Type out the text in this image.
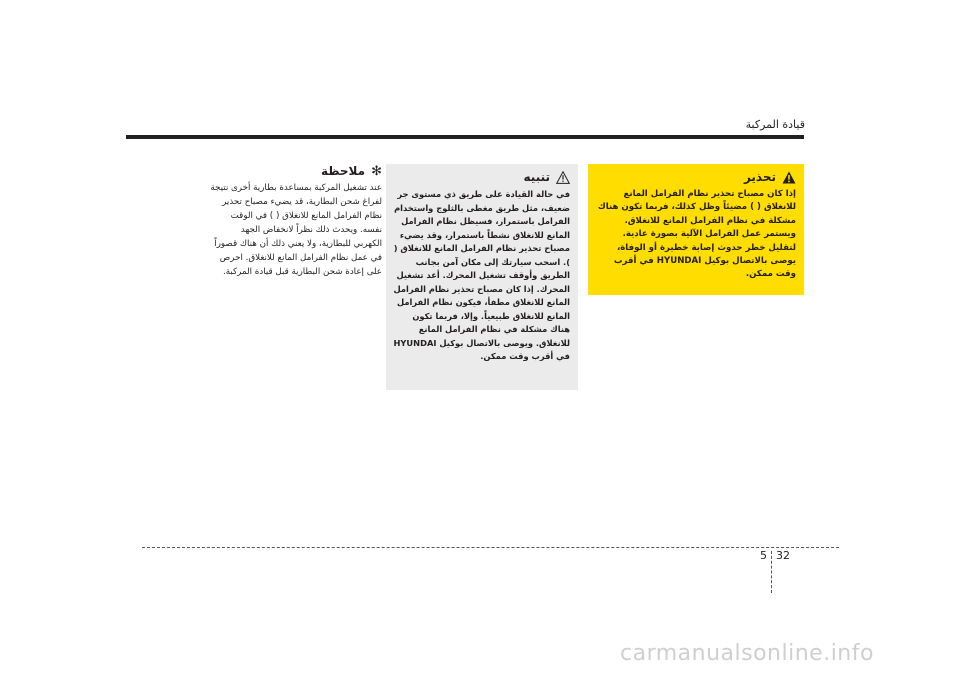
قيادة المركبة
تحذير

إذا كان مصباح تحذير نظام الفرامل المانع للانغلاق ( ) مضيئاً وظل كذلك، فربما تكون هناك مشكلة في نظام الفرامل المانع للانغلاق. ويستمر عمل الفرامل الآلية بصورة عادية. لتقليل خطر حدوث إصابة خطيرة أو الوفاة، يوصى بالاتصال بوكيل HYUNDAI في أقرب وقت ممكن.

تنبيه

في حالة القيادة على طريق ذي مستوى جر ضعيف، مثل طريق مغطى بالثلوج واستخدام الفرامل باستمرار، فسيظل نظام الفرامل المانع للانغلاق نشطاً باستمرار، وقد يضيء مصباح تحذير نظام الفرامل المانع للانغلاق ( ). اسحب سيارتك إلى مكان آمن بجانب الطريق وأوقف تشغيل المحرك. أعد تشغيل المحرك. إذا كان مصباح تحذير نظام الفرامل المانع للانغلاق مطفأ، فيكون نظام الفرامل المانع للانغلاق طبيعياً. وإلا، فربما تكون هناك مشكلة في نظام الفرامل المانع للانغلاق. ويوصى بالاتصال بوكيل HYUNDAI في أقرب وقت ممكن.

✻
ملاحظة

عند تشغيل المركبة بمساعدة بطارية أخرى نتيجة لفراغ شحن البطارية، قد يضيء مصباح تحذير نظام الفرامل المانع للانغلاق ( ) في الوقت نفسه. ويحدث ذلك نظراً لانخفاض الجهد الكهربي للبطارية، ولا يعني ذلك أن هناك قصوراً في عمل نظام الفرامل المانع للانغلاق. احرص على إعادة شحن البطارية قبل قيادة المركبة.

5 32
carmanualsonline.info
